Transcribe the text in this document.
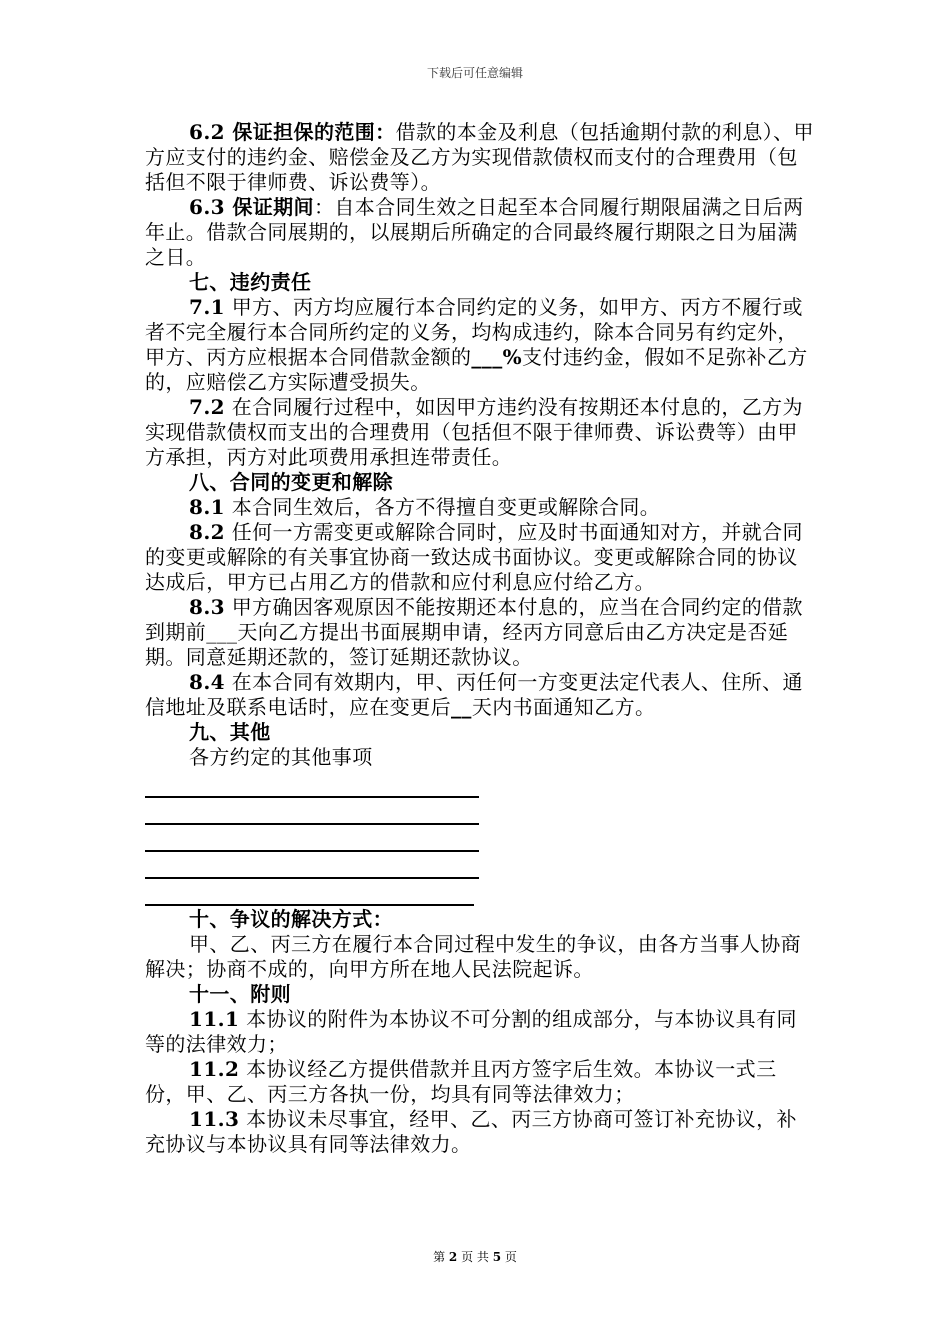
下载后可任意编辑

6.2 保证担保的范围：借款的本金及利息（包括逾期付款的利息）、甲方应支付的违约金、赔偿金及乙方为实现借款债权而支付的合理费用（包括但不限于律师费、诉讼费等）。

6.3 保证期间：自本合同生效之日起至本合同履行期限届满之日后两年止。借款合同展期的，以展期后所确定的合同最终履行期限之日为届满之日。

七、违约责任

7.1 甲方、丙方均应履行本合同约定的义务，如甲方、丙方不履行或者不完全履行本合同所约定的义务，均构成违约，除本合同另有约定外，甲方、丙方应根据本合同借款金额的___%支付违约金，假如不足弥补乙方的，应赔偿乙方实际遭受损失。

7.2 在合同履行过程中，如因甲方违约没有按期还本付息的，乙方为实现借款债权而支出的合理费用（包括但不限于律师费、诉讼费等）由甲方承担，丙方对此项费用承担连带责任。

八、合同的变更和解除

8.1 本合同生效后，各方不得擅自变更或解除合同。

8.2 任何一方需变更或解除合同时，应及时书面通知对方，并就合同的变更或解除的有关事宜协商一致达成书面协议。变更或解除合同的协议达成后，甲方已占用乙方的借款和应付利息应付给乙方。

8.3 甲方确因客观原因不能按期还本付息的，应当在合同约定的借款到期前___天向乙方提出书面展期申请，经丙方同意后由乙方决定是否延期。同意延期还款的，签订延期还款协议。

8.4 在本合同有效期内，甲、丙任何一方变更法定代表人、住所、通信地址及联系电话时，应在变更后__天内书面通知乙方。

九、其他

各方约定的其他事项

十、争议的解决方式：

甲、乙、丙三方在履行本合同过程中发生的争议，由各方当事人协商解决；协商不成的，向甲方所在地人民法院起诉。

十一、附则

11.1 本协议的附件为本协议不可分割的组成部分，与本协议具有同等的法律效力；

11.2 本协议经乙方提供借款并且丙方签字后生效。本协议一式三份，甲、乙、丙三方各执一份，均具有同等法律效力；

11.3 本协议未尽事宜，经甲、乙、丙三方协商可签订补充协议，补充协议与本协议具有同等法律效力。

第 2 页 共 5 页
